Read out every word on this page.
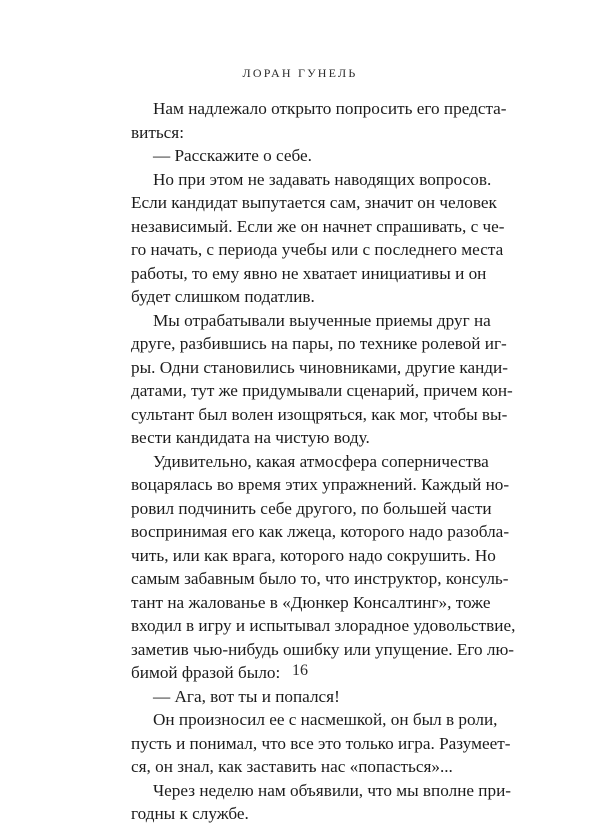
ЛОРАН ГУНЕЛЬ
Нам надлежало открыто попросить его предста-
виться:
— Расскажите о себе.
Но при этом не задавать наводящих вопросов.
Если кандидат выпутается сам, значит он человек
независимый. Если же он начнет спрашивать, с че-
го начать, с периода учебы или с последнего места
работы, то ему явно не хватает инициативы и он
будет слишком податлив.
Мы отрабатывали выученные приемы друг на
друге, разбившись на пары, по технике ролевой иг-
ры. Одни становились чиновниками, другие канди-
датами, тут же придумывали сценарий, причем кон-
сультант был волен изощряться, как мог, чтобы вы-
вести кандидата на чистую воду.
Удивительно, какая атмосфера соперничества
воцарялась во время этих упражнений. Каждый но-
ровил подчинить себе другого, по большей части
воспринимая его как лжеца, которого надо разобла-
чить, или как врага, которого надо сокрушить. Но
самым забавным было то, что инструктор, консуль-
тант на жалованье в «Дюнкер Консалтинг», тоже
входил в игру и испытывал злорадное удовольствие,
заметив чью-нибудь ошибку или упущение. Его лю-
бимой фразой было:
— Ага, вот ты и попался!
Он произносил ее с насмешкой, он был в роли,
пусть и понимал, что все это только игра. Разумеет-
ся, он знал, как заставить нас «попасться»...
Через неделю нам объявили, что мы вполне при-
годны к службе.
16
